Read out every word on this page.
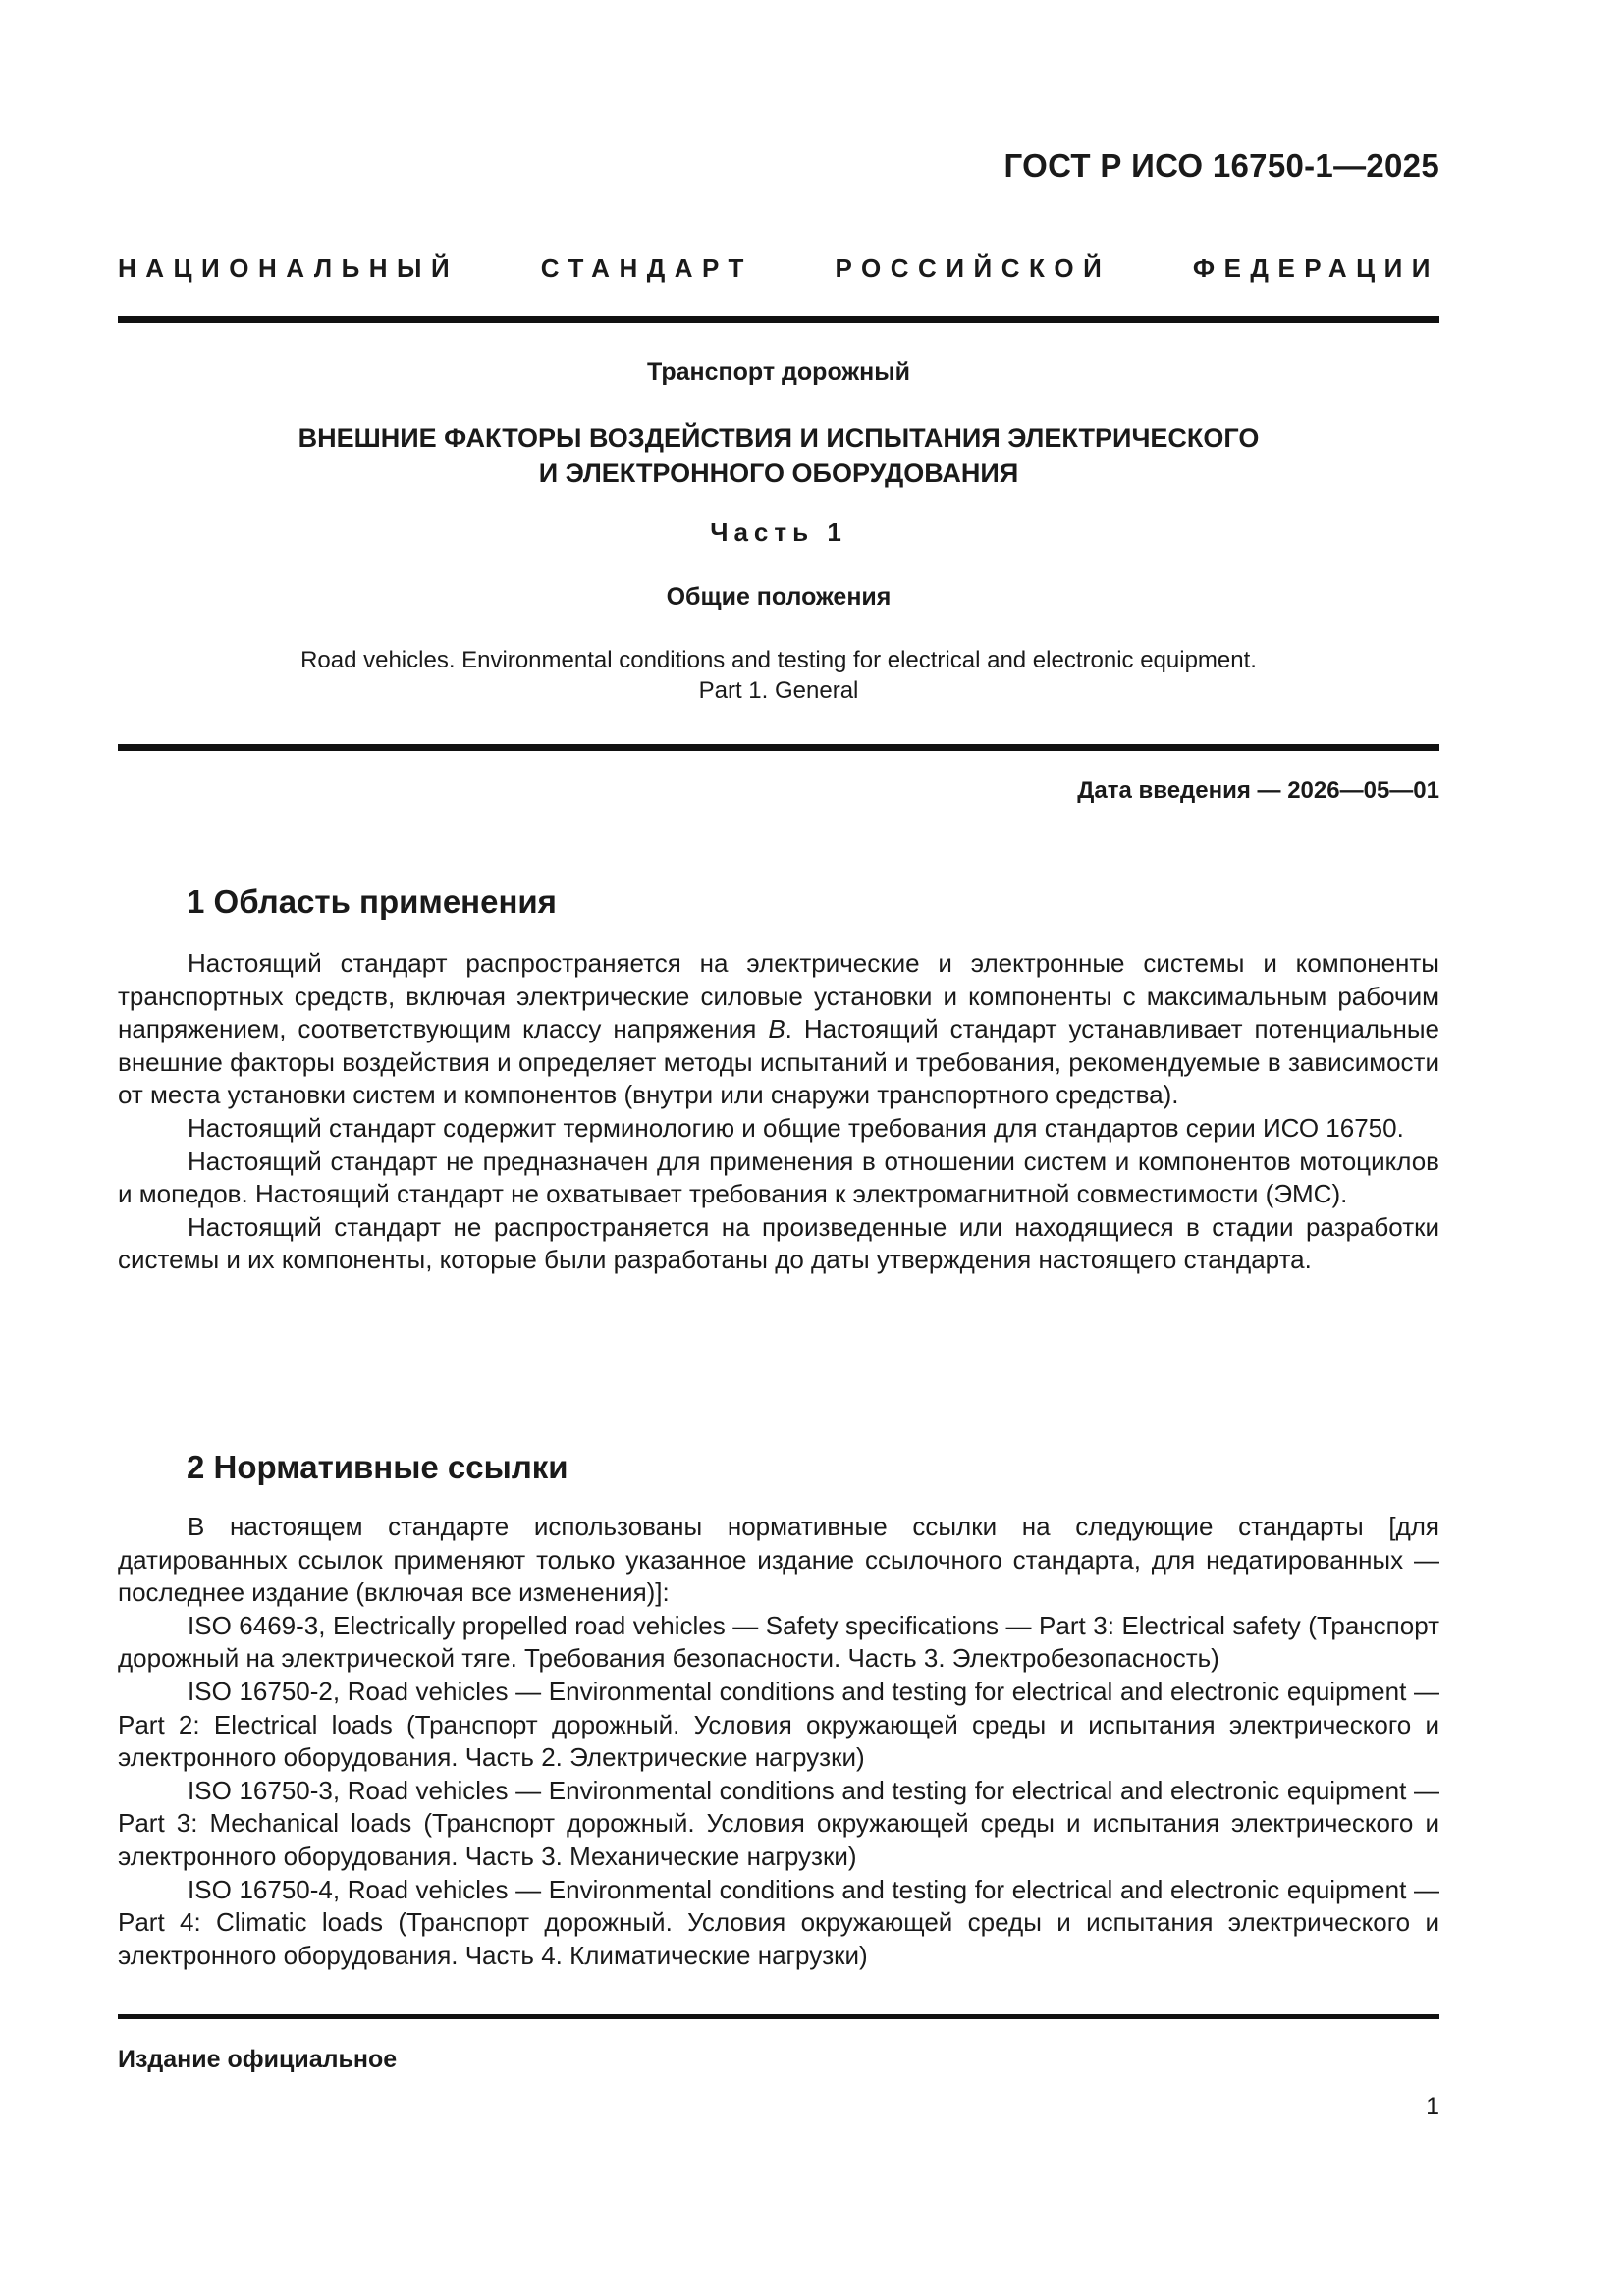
ГОСТ Р ИСО 16750-1—2025
НАЦИОНАЛЬНЫЙ СТАНДАРТ РОССИЙСКОЙ ФЕДЕРАЦИИ
Транспорт дорожный
ВНЕШНИЕ ФАКТОРЫ ВОЗДЕЙСТВИЯ И ИСПЫТАНИЯ ЭЛЕКТРИЧЕСКОГО
И ЭЛЕКТРОННОГО ОБОРУДОВАНИЯ
Часть 1
Общие положения
Road vehicles. Environmental conditions and testing for electrical and electronic equipment.
Part 1. General
Дата введения — 2026—05—01
1 Область применения

Настоящий стандарт распространяется на электрические и электронные системы и компоненты транспортных средств, включая электрические силовые установки и компоненты с максимальным рабочим напряжением, соответствующим классу напряжения B. Настоящий стандарт устанавливает потенциальные внешние факторы воздействия и определяет методы испытаний и требования, рекомендуемые в зависимости от места установки систем и компонентов (внутри или снаружи транспортного средства).

Настоящий стандарт содержит терминологию и общие требования для стандартов серии ИСО 16750.

Настоящий стандарт не предназначен для применения в отношении систем и компонентов мотоциклов и мопедов. Настоящий стандарт не охватывает требования к электромагнитной совместимости (ЭМС).

Настоящий стандарт не распространяется на произведенные или находящиеся в стадии разработки системы и их компоненты, которые были разработаны до даты утверждения настоящего стандарта.

2 Нормативные ссылки

В настоящем стандарте использованы нормативные ссылки на следующие стандарты [для датированных ссылок применяют только указанное издание ссылочного стандарта, для недатированных — последнее издание (включая все изменения)]:

ISO 6469-3, Electrically propelled road vehicles — Safety specifications — Part 3: Electrical safety (Транспорт дорожный на электрической тяге. Требования безопасности. Часть 3. Электробезопасность)

ISO 16750-2, Road vehicles — Environmental conditions and testing for electrical and electronic equipment — Part 2: Electrical loads (Транспорт дорожный. Условия окружающей среды и испытания электрического и электронного оборудования. Часть 2. Электрические нагрузки)

ISO 16750-3, Road vehicles — Environmental conditions and testing for electrical and electronic equipment — Part 3: Mechanical loads (Транспорт дорожный. Условия окружающей среды и испытания электрического и электронного оборудования. Часть 3. Механические нагрузки)

ISO 16750-4, Road vehicles — Environmental conditions and testing for electrical and electronic equipment — Part 4: Climatic loads (Транспорт дорожный. Условия окружающей среды и испытания электрического и электронного оборудования. Часть 4. Климатические нагрузки)

Издание официальное
1
